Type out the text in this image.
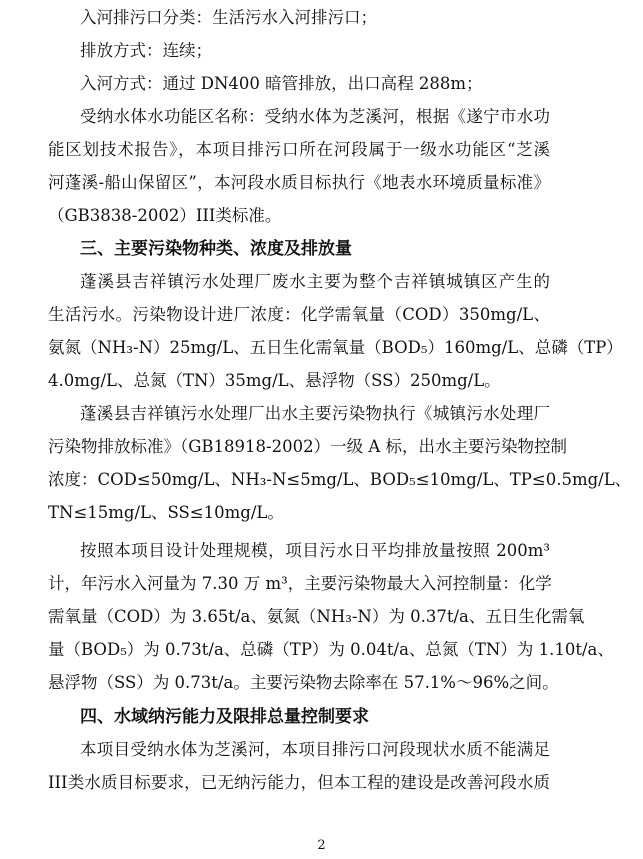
入河排污口分类：生活污水入河排污口；
排放方式：连续；
入河方式：通过 DN400 暗管排放，出口高程 288m；
受纳水体水功能区名称：受纳水体为芝溪河，根据《遂宁市水功
能区划技术报告》，本项目排污口所在河段属于一级水功能区“芝溪
河蓬溪-船山保留区”，本河段水质目标执行《地表水环境质量标准》
（GB3838-2002）III类标准。
三、主要污染物种类、浓度及排放量
蓬溪县吉祥镇污水处理厂废水主要为整个吉祥镇城镇区产生的
生活污水。污染物设计进厂浓度：化学需氧量（COD）350mg/L、
氨氮（NH₃-N）25mg/L、五日生化需氧量（BOD₅）160mg/L、总磷（TP）
4.0mg/L、总氮（TN）35mg/L、悬浮物（SS）250mg/L。
蓬溪县吉祥镇污水处理厂出水主要污染物执行《城镇污水处理厂
污染物排放标准》（GB18918-2002）一级 A 标，出水主要污染物控制
浓度：COD≤50mg/L、NH₃-N≤5mg/L、BOD₅≤10mg/L、TP≤0.5mg/L、
TN≤15mg/L、SS≤10mg/L。
按照本项目设计处理规模，项目污水日平均排放量按照 200m³
计，年污水入河量为 7.30 万 m³，主要污染物最大入河控制量：化学
需氧量（COD）为 3.65t/a、氨氮（NH₃-N）为 0.37t/a、五日生化需氧
量（BOD₅）为 0.73t/a、总磷（TP）为 0.04t/a、总氮（TN）为 1.10t/a、
悬浮物（SS）为 0.73t/a。主要污染物去除率在 57.1%～96%之间。
四、水域纳污能力及限排总量控制要求
本项目受纳水体为芝溪河，本项目排污口河段现状水质不能满足
III类水质目标要求，已无纳污能力，但本工程的建设是改善河段水质
2
